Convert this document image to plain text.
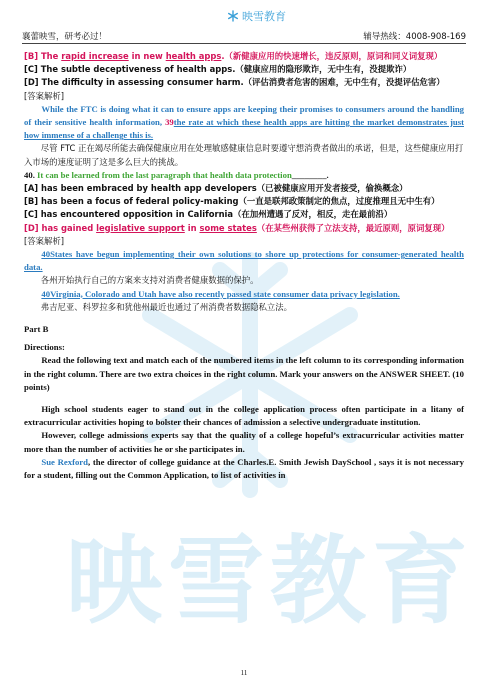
映雪教育
映雪教育
襄蕾映雪，研考必过！	辅导热线：4008-908-169

[B] The rapid increase in new health apps.（新健康应用的快速增长，违反原则，原词和同义词复现）

[C] The subtle deceptiveness of health apps.（健康应用的隐形欺诈，无中生有，没提欺诈）

[D] The difficulty in assessing consumer harm.（评估消费者危害的困难，无中生有，没提评估危害）

[答案解析]

While the FTC is doing what it can to ensure apps are keeping their promises to consumers around the handling of their sensitive health information, 39the rate at which these health apps are hitting the market demonstrates just how immense of a challenge this is.

尽管 FTC 正在竭尽所能去确保健康应用在处理敏感健康信息时要遵守想消费者做出的承诺，但是，这些健康应用打入市场的速度证明了这是多么巨大的挑战。

40. It can be learned from the last paragraph that health data protection________.

[A] has been embraced by health app developers（已被健康应用开发者接受，偷换概念）

[B] has been a focus of federal policy-making（一直是联邦政策制定的焦点，过度推理且无中生有）

[C] has encountered opposition in California（在加州遭遇了反对，相反，走在最前沿）

[D] has gained legislative support in some states（在某些州获得了立法支持，最近原则，原词复现）

[答案解析]

40States have begun implementing their own solutions to shore up protections for consumer-generated health data.

各州开始执行自己的方案来支持对消费者健康数据的保护。

40Virginia, Colorado and Utah have also recently passed state consumer data privacy legislation.

弗吉尼亚、科罗拉多和犹他州最近也通过了州消费者数据隐私立法。

Part B

Directions:

Read the following text and match each of the numbered items in the left column to its corresponding information in the right column. There are two extra choices in the right column. Mark your answers on the ANSWER SHEET. (10 points)

High school students eager to stand out in the college application process often participate in a litany of extracurricular activities hoping to bolster their chances of admission a selective undergraduate institution.

However, college admissions experts say that the quality of a college hopeful’s extracurricular activities matter more than the number of activities he or she participates in.

Sue Rexford, the director of college guidance at the Charles.E. Smith Jewish DaySchool , says it is not necessary for a student, filling out the Common Application, to list of activities in

11
